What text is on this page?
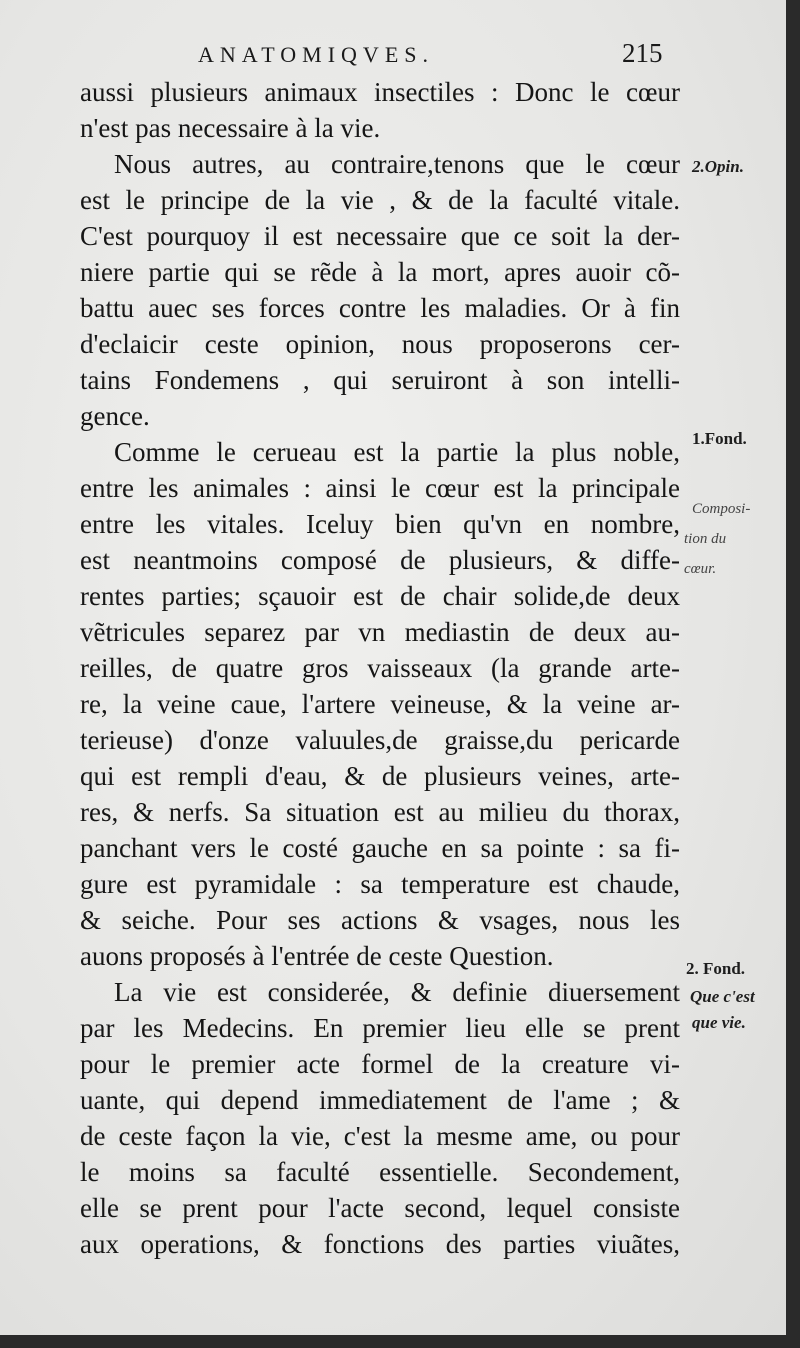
ANATOMIQVES.	215
aussi plusieurs animaux insectiles : Donc le cœur
n'est pas necessaire à la vie.
Nous autres, au contraire,tenons que le cœur
est le principe de la vie , & de la faculté vitale.
C'est pourquoy il est necessaire que ce soit la der-
niere partie qui se rẽde à la mort, apres auoir cõ-
battu auec ses forces contre les maladies. Or à fin
d'eclaicir ceste opinion, nous proposerons cer-
tains Fondemens , qui seruiront à son intelli-
gence.
Comme le cerueau est la partie la plus noble,
entre les animales : ainsi le cœur est la principale
entre les vitales. Iceluy bien qu'vn en nombre,
est neantmoins composé de plusieurs, & diffe-
rentes parties; sçauoir est de chair solide,de deux
vẽtricules separez par vn mediastin de deux au-
reilles, de quatre gros vaisseaux (la grande arte-
re, la veine caue, l'artere veineuse, & la veine ar-
terieuse) d'onze valuules,de graisse,du pericarde
qui est rempli d'eau, & de plusieurs veines, arte-
res, & nerfs. Sa situation est au milieu du thorax,
panchant vers le costé gauche en sa pointe : sa fi-
gure est pyramidale : sa temperature est chaude,
& seiche. Pour ses actions & vsages, nous les
auons proposés à l'entrée de ceste Question.
La vie est considerée, & definie diuersement
par les Medecins. En premier lieu elle se prent
pour le premier acte formel de la creature vi-
uante, qui depend immediatement de l'ame ; &
de ceste façon la vie, c'est la mesme ame, ou pour
le moins sa faculté essentielle. Secondement,
elle se prent pour l'acte second, lequel consiste
aux operations, & fonctions des parties viuãtes,
2.Opin.
1.Fond.
Composi-
tion du
cœur.
2. Fond.
Que c'est
que vie.
